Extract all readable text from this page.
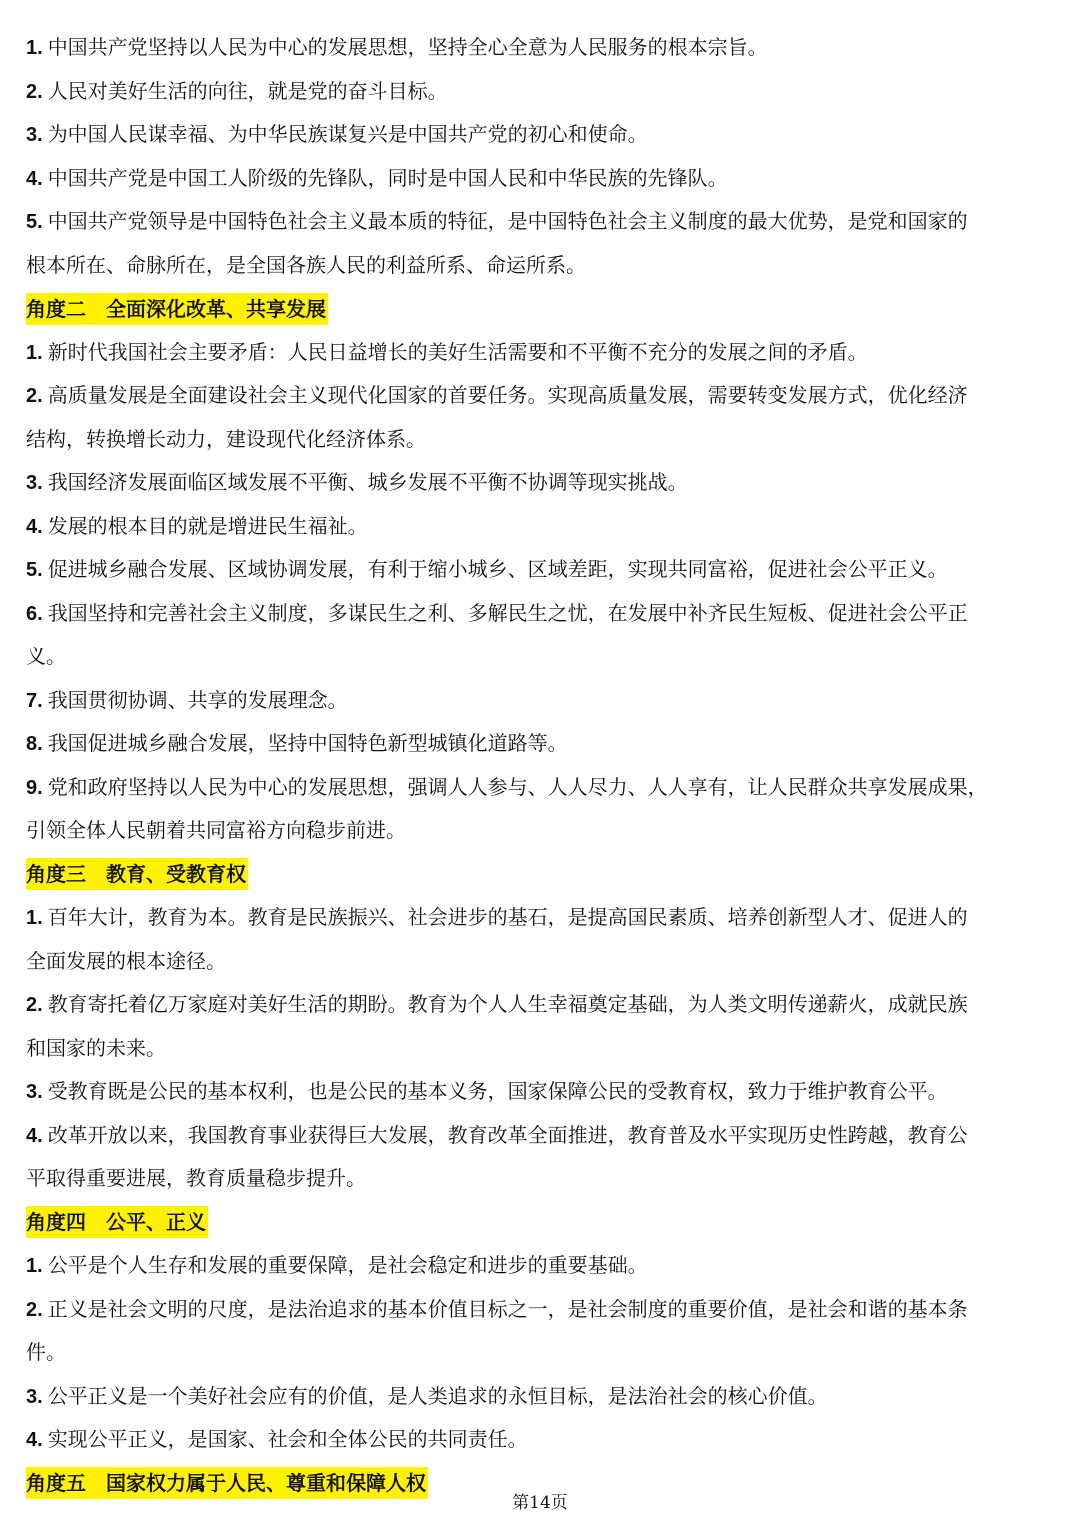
1. 中国共产党坚持以人民为中心的发展思想，坚持全心全意为人民服务的根本宗旨。
2. 人民对美好生活的向往，就是党的奋斗目标。
3. 为中国人民谋幸福、为中华民族谋复兴是中国共产党的初心和使命。
4. 中国共产党是中国工人阶级的先锋队，同时是中国人民和中华民族的先锋队。
5. 中国共产党领导是中国特色社会主义最本质的特征，是中国特色社会主义制度的最大优势，是党和国家的
根本所在、命脉所在，是全国各族人民的利益所系、命运所系。
角度二　全面深化改革、共享发展
1. 新时代我国社会主要矛盾：人民日益增长的美好生活需要和不平衡不充分的发展之间的矛盾。
2. 高质量发展是全面建设社会主义现代化国家的首要任务。实现高质量发展，需要转变发展方式，优化经济
结构，转换增长动力，建设现代化经济体系。
3. 我国经济发展面临区域发展不平衡、城乡发展不平衡不协调等现实挑战。
4. 发展的根本目的就是增进民生福祉。
5. 促进城乡融合发展、区域协调发展，有利于缩小城乡、区域差距，实现共同富裕，促进社会公平正义。
6. 我国坚持和完善社会主义制度，多谋民生之利、多解民生之忧，在发展中补齐民生短板、促进社会公平正
义。
7. 我国贯彻协调、共享的发展理念。
8. 我国促进城乡融合发展，坚持中国特色新型城镇化道路等。
9. 党和政府坚持以人民为中心的发展思想，强调人人参与、人人尽力、人人享有，让人民群众共享发展成果，
引领全体人民朝着共同富裕方向稳步前进。
角度三　教育、受教育权
1. 百年大计，教育为本。教育是民族振兴、社会进步的基石，是提高国民素质、培养创新型人才、促进人的
全面发展的根本途径。
2. 教育寄托着亿万家庭对美好生活的期盼。教育为个人人生幸福奠定基础，为人类文明传递薪火，成就民族
和国家的未来。
3. 受教育既是公民的基本权利，也是公民的基本义务，国家保障公民的受教育权，致力于维护教育公平。
4. 改革开放以来，我国教育事业获得巨大发展，教育改革全面推进，教育普及水平实现历史性跨越，教育公
平取得重要进展，教育质量稳步提升。
角度四　公平、正义
1. 公平是个人生存和发展的重要保障，是社会稳定和进步的重要基础。
2. 正义是社会文明的尺度，是法治追求的基本价值目标之一，是社会制度的重要价值，是社会和谐的基本条
件。
3. 公平正义是一个美好社会应有的价值，是人类追求的永恒目标，是法治社会的核心价值。
4. 实现公平正义，是国家、社会和全体公民的共同责任。
角度五　国家权力属于人民、尊重和保障人权
第14页
